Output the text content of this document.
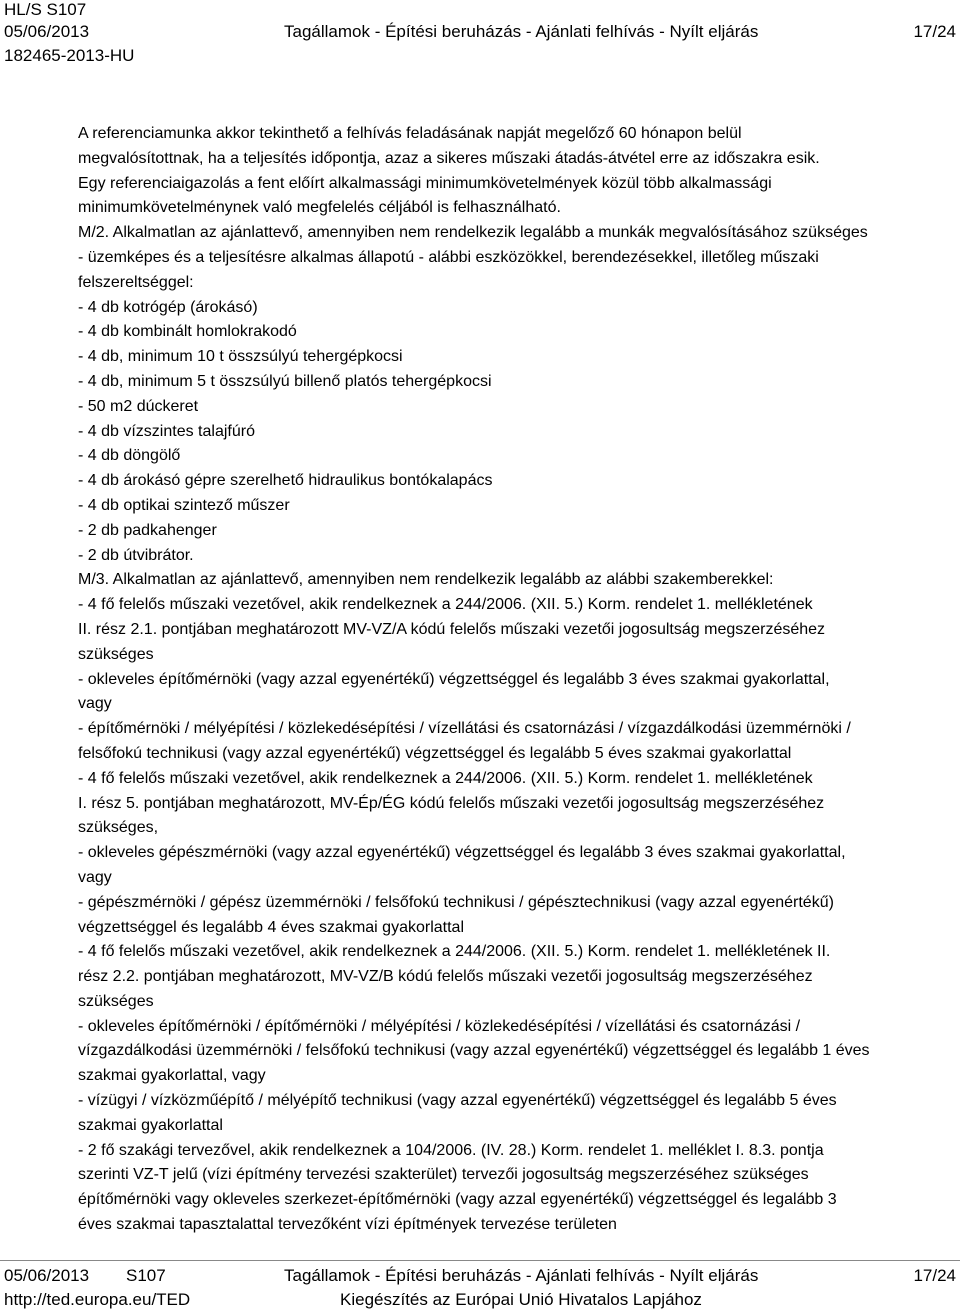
HL/S S107
05/06/2013
182465-2013-HU
Tagállamok - Építési beruházás - Ajánlati felhívás - Nyílt eljárás	17/24

A referenciamunka akkor tekinthető a felhívás feladásának napját megelőző 60 hónapon belül

megvalósítottnak, ha a teljesítés időpontja, azaz a sikeres műszaki átadás-átvétel erre az időszakra esik.

Egy referenciaigazolás a fent előírt alkalmassági minimumkövetelmények közül több alkalmassági

minimumkövetelménynek való megfelelés céljából is felhasználható.

M/2. Alkalmatlan az ajánlattevő, amennyiben nem rendelkezik legalább a munkák megvalósításához szükséges

- üzemképes és a teljesítésre alkalmas állapotú - alábbi eszközökkel, berendezésekkel, illetőleg műszaki

felszereltséggel:

- 4 db kotrógép (árokásó)

- 4 db kombinált homlokrakodó

- 4 db, minimum 10 t összsúlyú tehergépkocsi

- 4 db, minimum 5 t összsúlyú billenő platós tehergépkocsi

- 50 m2 dúckeret

- 4 db vízszintes talajfúró

- 4 db döngölő

- 4 db árokásó gépre szerelhető hidraulikus bontókalapács

- 4 db optikai szintező műszer

- 2 db padkahenger

- 2 db útvibrátor.

M/3. Alkalmatlan az ajánlattevő, amennyiben nem rendelkezik legalább az alábbi szakemberekkel:

- 4 fő felelős műszaki vezetővel, akik rendelkeznek a 244/2006. (XII. 5.) Korm. rendelet 1. mellékletének

II. rész 2.1. pontjában meghatározott MV-VZ/A kódú felelős műszaki vezetői jogosultság megszerzéséhez

szükséges

- okleveles építőmérnöki (vagy azzal egyenértékű) végzettséggel és legalább 3 éves szakmai gyakorlattal,

vagy

- építőmérnöki / mélyépítési / közlekedésépítési / vízellátási és csatornázási / vízgazdálkodási üzemmérnöki /

felsőfokú technikusi (vagy azzal egyenértékű) végzettséggel és legalább 5 éves szakmai gyakorlattal

- 4 fő felelős műszaki vezetővel, akik rendelkeznek a 244/2006. (XII. 5.) Korm. rendelet 1. mellékletének

I. rész 5. pontjában meghatározott, MV-Ép/ÉG kódú felelős műszaki vezetői jogosultság megszerzéséhez

szükséges,

- okleveles gépészmérnöki (vagy azzal egyenértékű) végzettséggel és legalább 3 éves szakmai gyakorlattal,

vagy

- gépészmérnöki / gépész üzemmérnöki / felsőfokú technikusi / gépésztechnikusi (vagy azzal egyenértékű)

végzettséggel és legalább 4 éves szakmai gyakorlattal

- 4 fő felelős műszaki vezetővel, akik rendelkeznek a 244/2006. (XII. 5.) Korm. rendelet 1. mellékletének II.

rész 2.2. pontjában meghatározott, MV-VZ/B kódú felelős műszaki vezetői jogosultság megszerzéséhez

szükséges

- okleveles építőmérnöki / építőmérnöki / mélyépítési / közlekedésépítési / vízellátási és csatornázási /

vízgazdálkodási üzemmérnöki / felsőfokú technikusi (vagy azzal egyenértékű) végzettséggel és legalább 1 éves

szakmai gyakorlattal, vagy

- vízügyi / vízközműépítő / mélyépítő technikusi (vagy azzal egyenértékű) végzettséggel és legalább 5 éves

szakmai gyakorlattal

- 2 fő szakági tervezővel, akik rendelkeznek a 104/2006. (IV. 28.) Korm. rendelet 1. melléklet I. 8.3. pontja

szerinti VZ-T jelű (vízi építmény tervezési szakterület) tervezői jogosultság megszerzéséhez szükséges

építőmérnöki vagy okleveles szerkezet-építőmérnöki (vagy azzal egyenértékű) végzettséggel és legalább 3

éves szakmai tapasztalattal tervezőként vízi építmények tervezése területen

05/06/2013 S107
http://ted.europa.eu/TED
Tagállamok - Építési beruházás - Ajánlati felhívás - Nyílt eljárás
Kiegészítés az Európai Unió Hivatalos Lapjához
17/24
